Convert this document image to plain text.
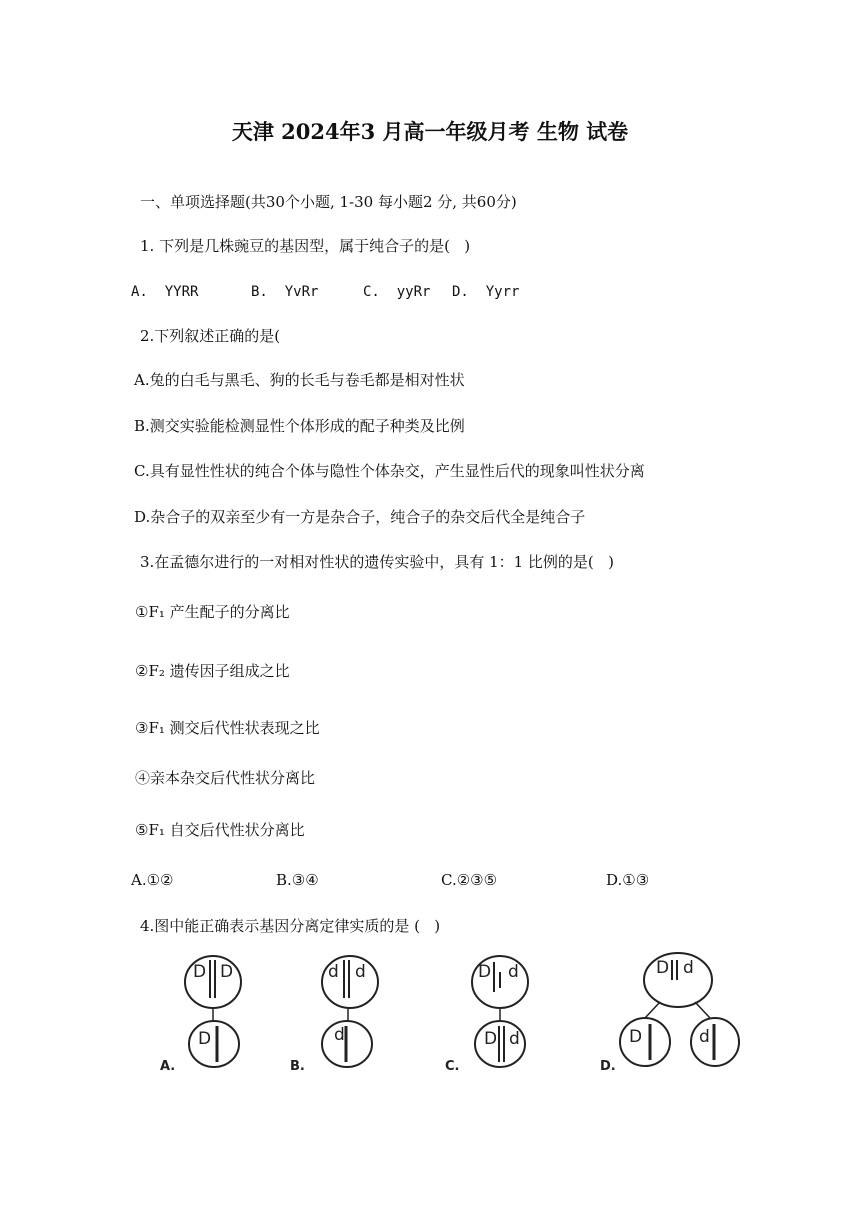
天津 2024年3 月高一年级月考 生物 试卷
一、单项选择题(共30个小题, 1-30 每小题2 分, 共60分)
1. 下列是几株豌豆的基因型，属于纯合子的是(   )
A.  YYRR	B.  YvRr	C.  yyRr D.  Yyrr
2.下列叙述正确的是(
A.兔的白毛与黑毛、狗的长毛与卷毛都是相对性状
B.测交实验能检测显性个体形成的配子种类及比例
C.具有显性性状的纯合个体与隐性个体杂交，产生显性后代的现象叫性状分离
D.杂合子的双亲至少有一方是杂合子，纯合子的杂交后代全是纯合子
3.在孟德尔进行的一对相对性状的遗传实验中，具有 1：1 比例的是(   )
①F₁ 产生配子的分离比
②F₂ 遗传因子组成之比
③F₁ 测交后代性状表现之比
④亲本杂交后代性状分离比
⑤F₁ 自交后代性状分离比
A.①②	B.③④	C.②③⑤	D.①③
4.图中能正确表示基因分离定律实质的是 (   )
D D
D
A.
d d
d
B.
D d
D d
C.
D d
D	d
D.
